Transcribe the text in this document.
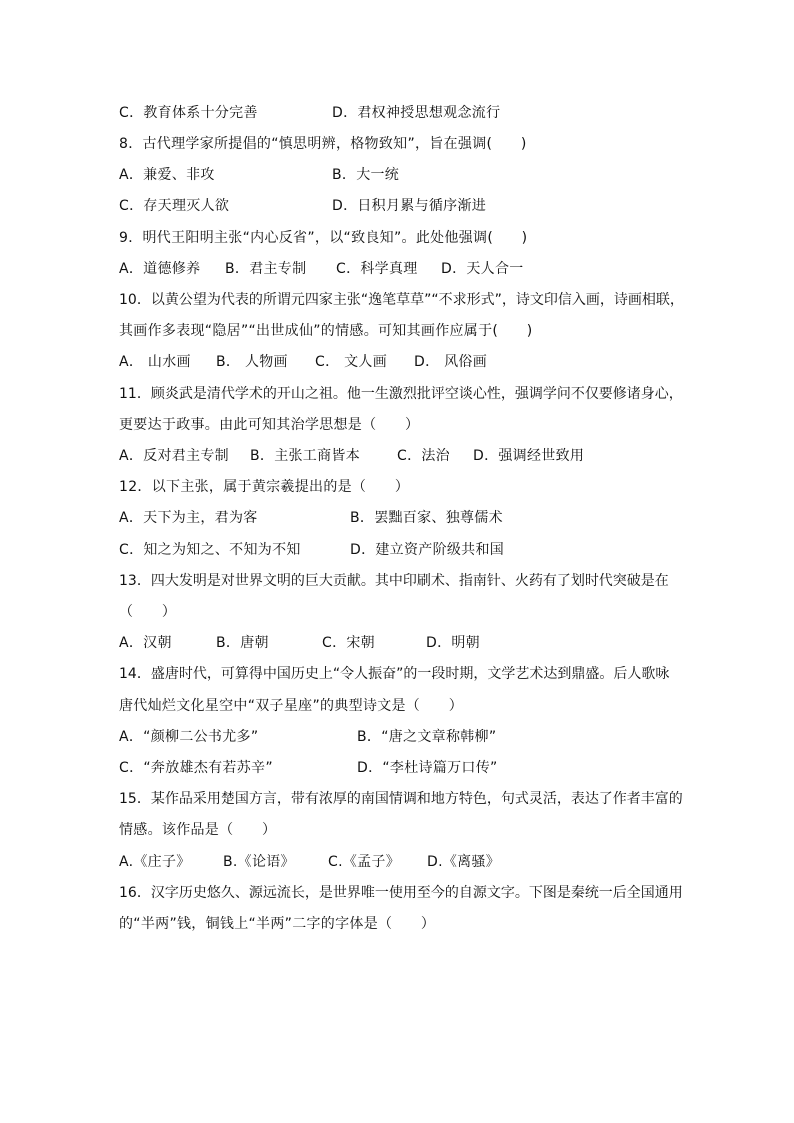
C．教育体系十分完善	D．君权神授思想观念流行
8．古代理学家所提倡的“慎思明辨，格物致知”，旨在强调(　　)
A．兼爱、非攻	B．大一统
C．存天理灭人欲	D．日积月累与循序渐进
9．明代王阳明主张“内心反省”，以“致良知”。此处他强调(　　)
A．道德修养 B．君主专制 C．科学真理 D．天人合一
10．以黄公望为代表的所谓元四家主张“逸笔草草”“不求形式”，诗文印信入画，诗画相联，
其画作多表现“隐居”“出世成仙”的情感。可知其画作应属于(　　)
A． 山水画 B． 人物画 C． 文人画 D． 风俗画
11．顾炎武是清代学术的开山之祖。他一生激烈批评空谈心性，强调学问不仅要修诸身心，
更要达于政事。由此可知其治学思想是（　　）
A．反对君主专制 B．主张工商皆本	C．法治 D．强调经世致用
12．以下主张，属于黄宗羲提出的是（　　）
A．天下为主，君为客	B．罢黜百家、独尊儒术
C．知之为知之、不知为不知	D．建立资产阶级共和国
13．四大发明是对世界文明的巨大贡献。其中印刷术、指南针、火药有了划时代突破是在
（　　）
A．汉朝	B．唐朝	C．宋朝	D．明朝
14．盛唐时代，可算得中国历史上“令人振奋”的一段时期，文学艺术达到鼎盛。后人歌咏
唐代灿烂文化星空中“双子星座”的典型诗文是（　　）
A．“颜柳二公书尤多”	B．“唐之文章称韩柳”
C．“奔放雄杰有若苏辛”	D．“李杜诗篇万口传”
15．某作品采用楚国方言，带有浓厚的南国情调和地方特色，句式灵活，表达了作者丰富的
情感。该作品是（　　）
A.《庄子》 B.《论语》 C.《孟子》 D.《离骚》
16．汉字历史悠久、源远流长，是世界唯一使用至今的自源文字。下图是秦统一后全国通用
的“半两”钱，铜钱上“半两”二字的字体是（　　）
